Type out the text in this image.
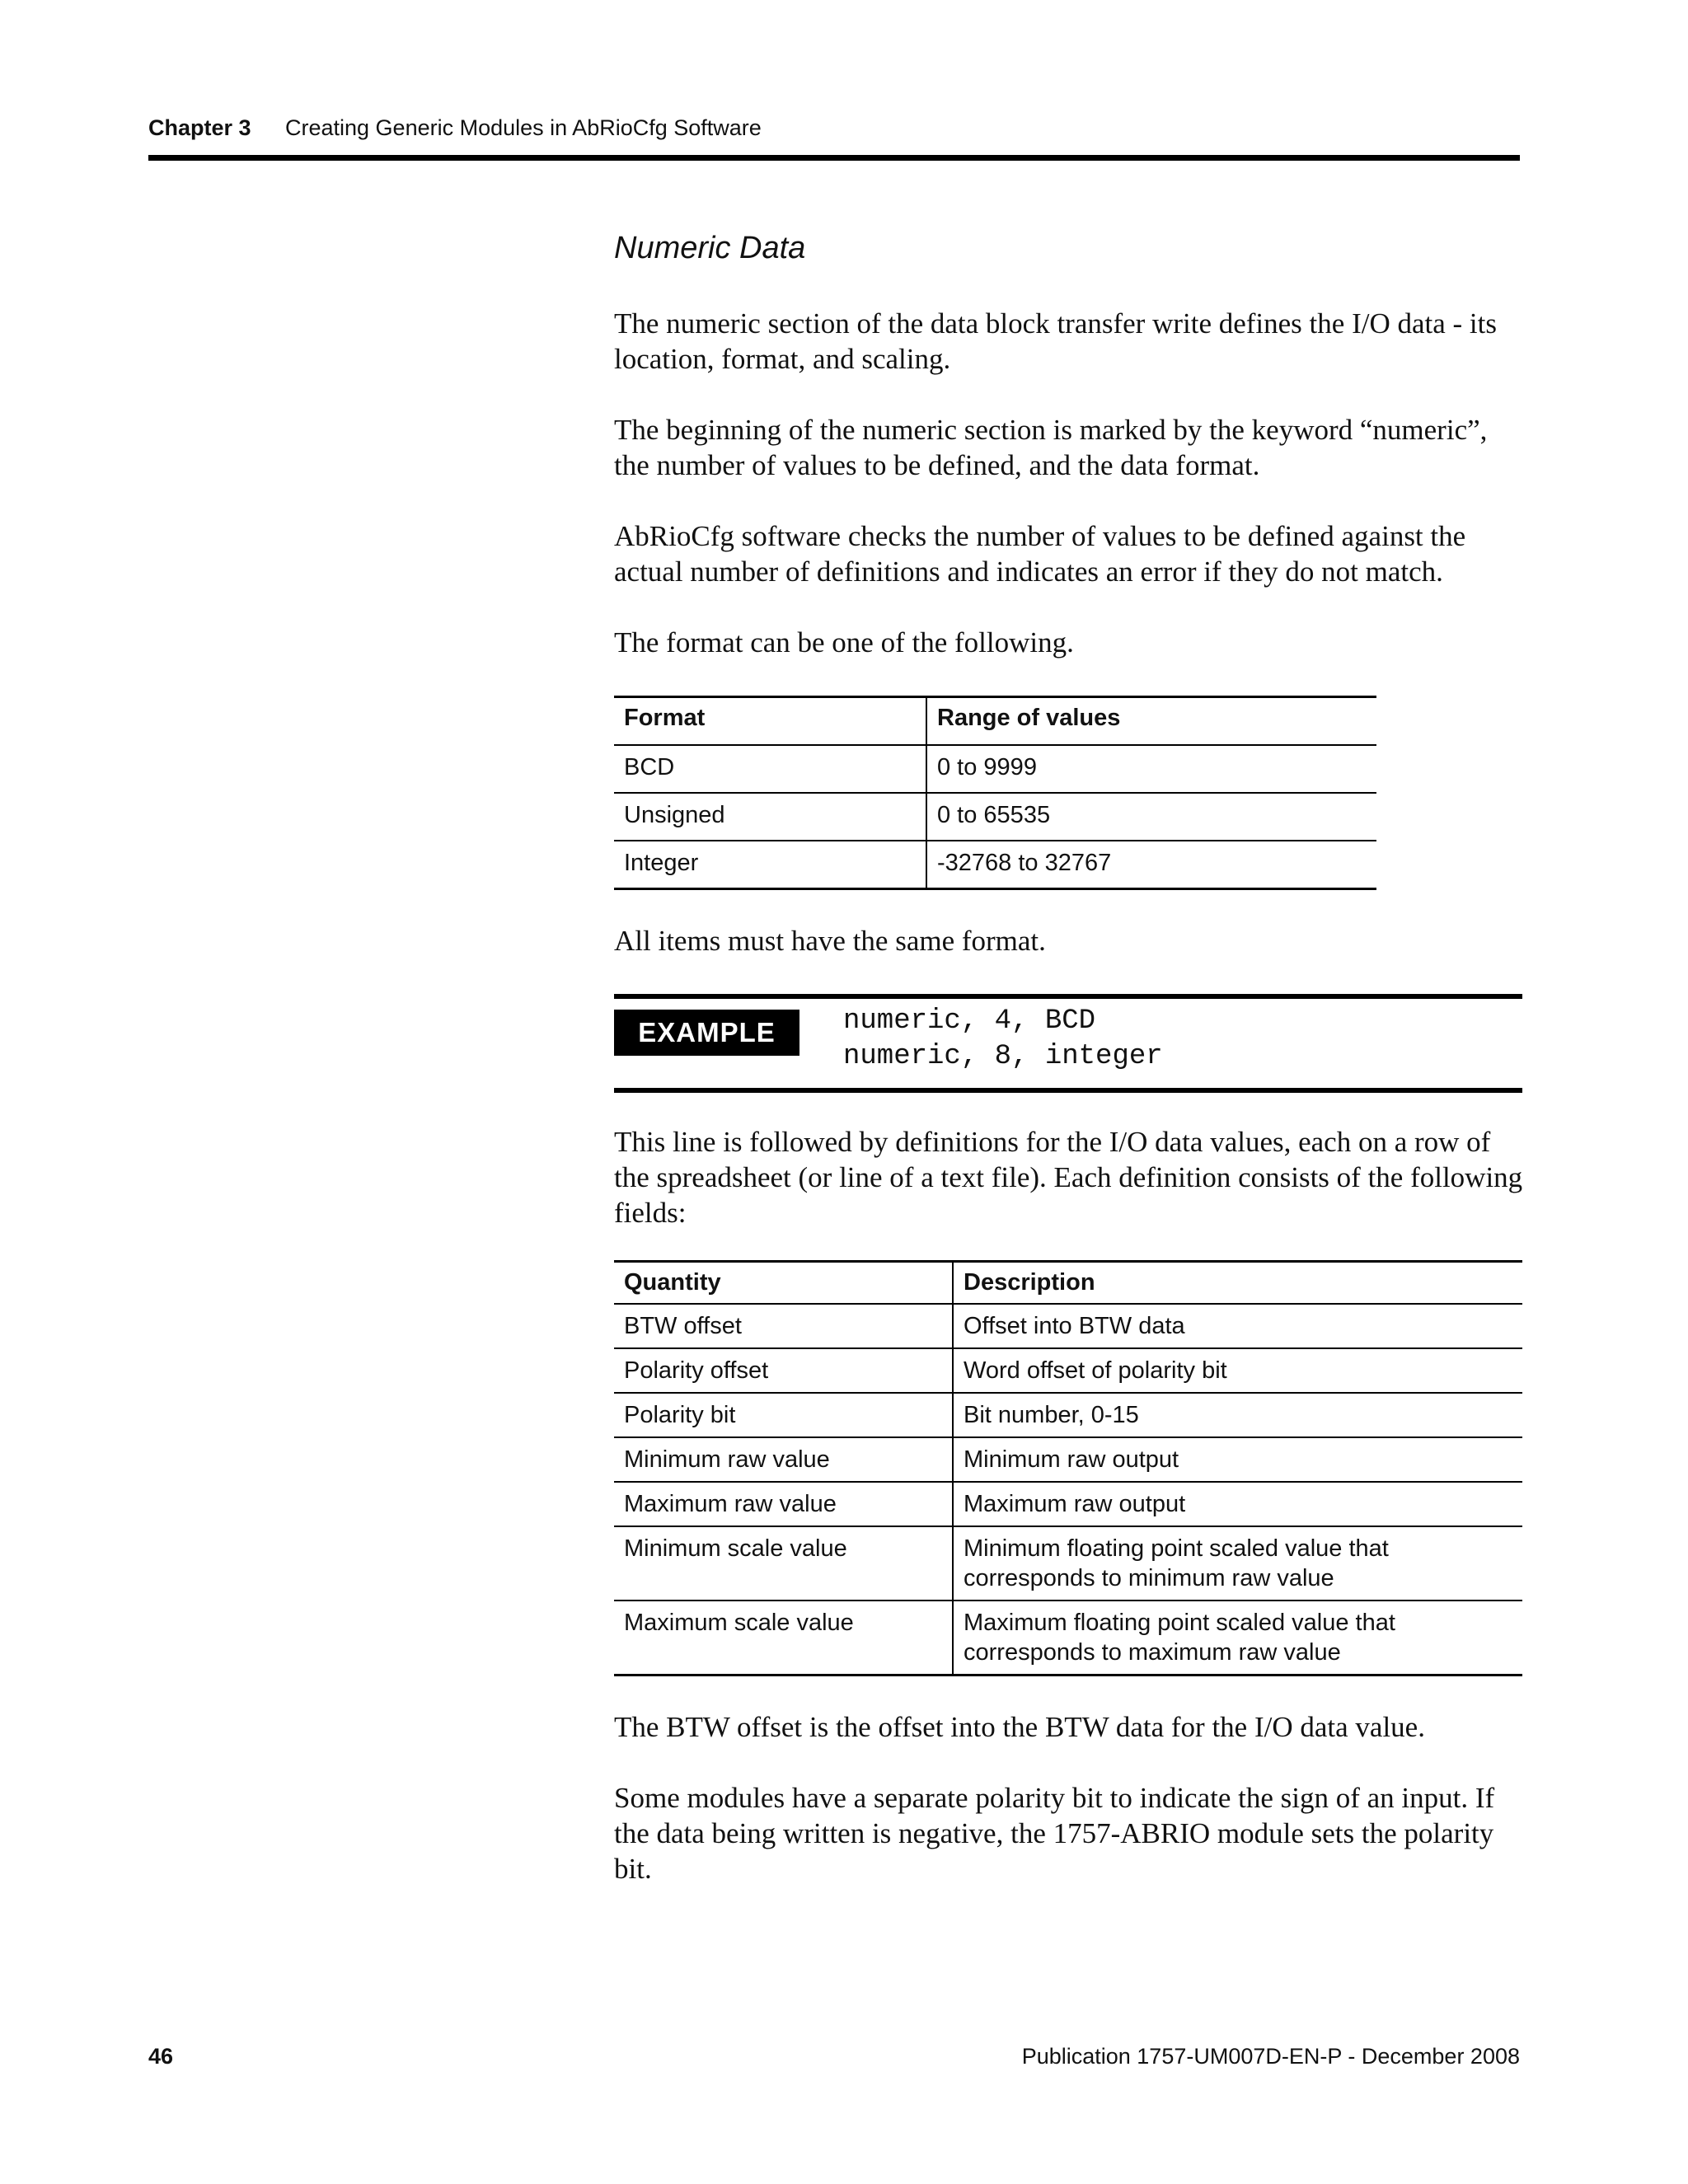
Chapter 3 Creating Generic Modules in AbRioCfg Software
Numeric Data

The numeric section of the data block transfer write defines the I/O data - its location, format, and scaling.

The beginning of the numeric section is marked by the keyword “numeric”, the number of values to be defined, and the data format.

AbRioCfg software checks the number of values to be defined against the actual number of definitions and indicates an error if they do not match.

The format can be one of the following.

Format	Range of values
BCD	0 to 9999
Unsigned	0 to 65535
Integer	-32768 to 32767

All items must have the same format.

EXAMPLE	numeric, 4, BCD
numeric, 8, integer

This line is followed by definitions for the I/O data values, each on a row of the spreadsheet (or line of a text file). Each definition consists of the following fields:

Quantity	Description
BTW offset	Offset into BTW data
Polarity offset	Word offset of polarity bit
Polarity bit	Bit number, 0-15
Minimum raw value	Minimum raw output
Maximum raw value	Maximum raw output
Minimum scale value	Minimum floating point scaled value that corresponds to minimum raw value
Maximum scale value	Maximum floating point scaled value that corresponds to maximum raw value

The BTW offset is the offset into the BTW data for the I/O data value.

Some modules have a separate polarity bit to indicate the sign of an input. If the data being written is negative, the 1757-ABRIO module sets the polarity bit.

46	Publication 1757-UM007D-EN-P - December 2008
